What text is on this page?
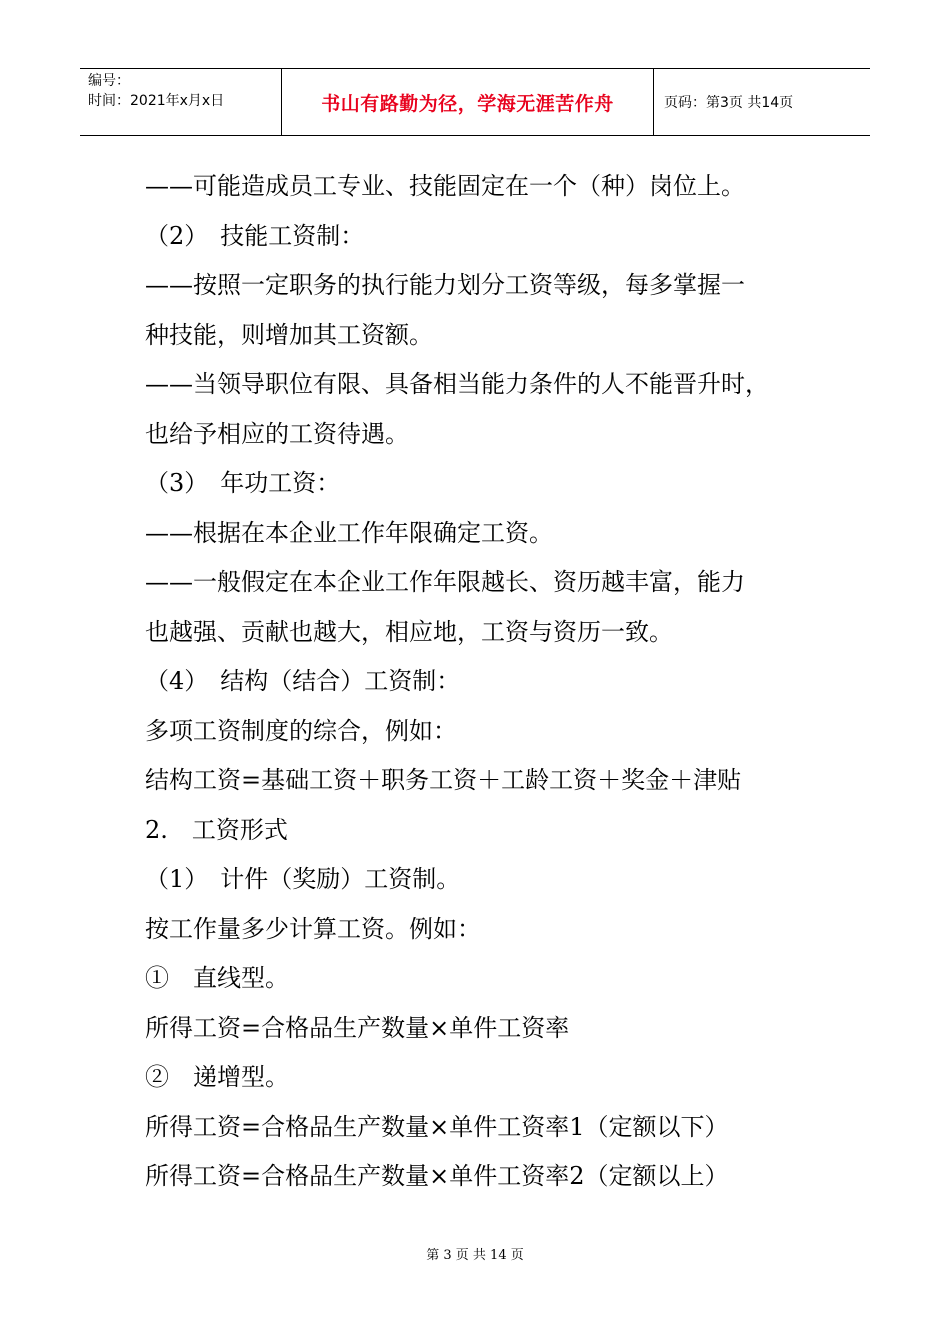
编号：
时间：2021年x月x日	书山有路勤为径，学海无涯苦作舟	页码：第3页 共14页
——可能造成员工专业、技能固定在一个（种）岗位上。
（2）　技能工资制：
——按照一定职务的执行能力划分工资等级，每多掌握一
种技能，则增加其工资额。
——当领导职位有限、具备相当能力条件的人不能晋升时，
也给予相应的工资待遇。
（3）　年功工资：
——根据在本企业工作年限确定工资。
——一般假定在本企业工作年限越长、资历越丰富，能力
也越强、贡献也越大，相应地，工资与资历一致。
（4）　结构（结合）工资制：
多项工资制度的综合，例如：
结构工资=基础工资＋职务工资＋工龄工资＋奖金＋津贴
2.　工资形式
（1）　计件（奖励）工资制。
按工作量多少计算工资。例如：
①　直线型。
所得工资=合格品生产数量×单件工资率
②　递增型。
所得工资=合格品生产数量×单件工资率1（定额以下）
所得工资=合格品生产数量×单件工资率2（定额以上）
第 3 页 共 14 页
